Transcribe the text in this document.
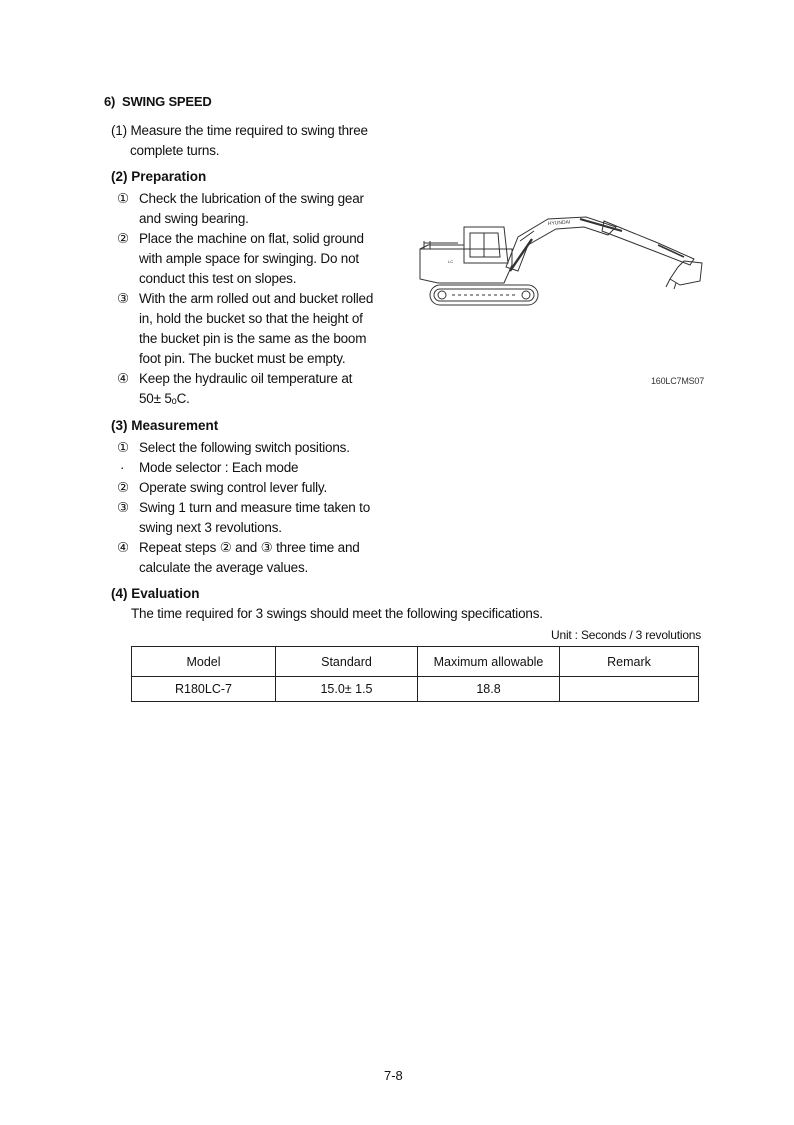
6) SWING SPEED
(1) Measure the time required to swing three
complete turns.
(2) Preparation
① Check the lubrication of the swing gear
and swing bearing.
② Place the machine on flat, solid ground
with ample space for swinging. Do not
conduct this test on slopes.
③ With the arm rolled out and bucket rolled
in, hold the bucket so that the height of
the bucket pin is the same as the boom
foot pin. The bucket must be empty.
④ Keep the hydraulic oil temperature at
50± 5ₒC.
HYUNDAI
LC
160LC7MS07
(3) Measurement
① Select the following switch positions.
·	Mode selector : Each mode
② Operate swing control lever fully.
③ Swing 1 turn and measure time taken to
swing next 3 revolutions.
④ Repeat steps ② and ③ three time and
calculate the average values.
(4) Evaluation
The time required for 3 swings should meet the following specifications.
Unit : Seconds / 3 revolutions
Model	Standard	Maximum allowable	Remark
R180LC-7	15.0± 1.5	18.8	
7-8
